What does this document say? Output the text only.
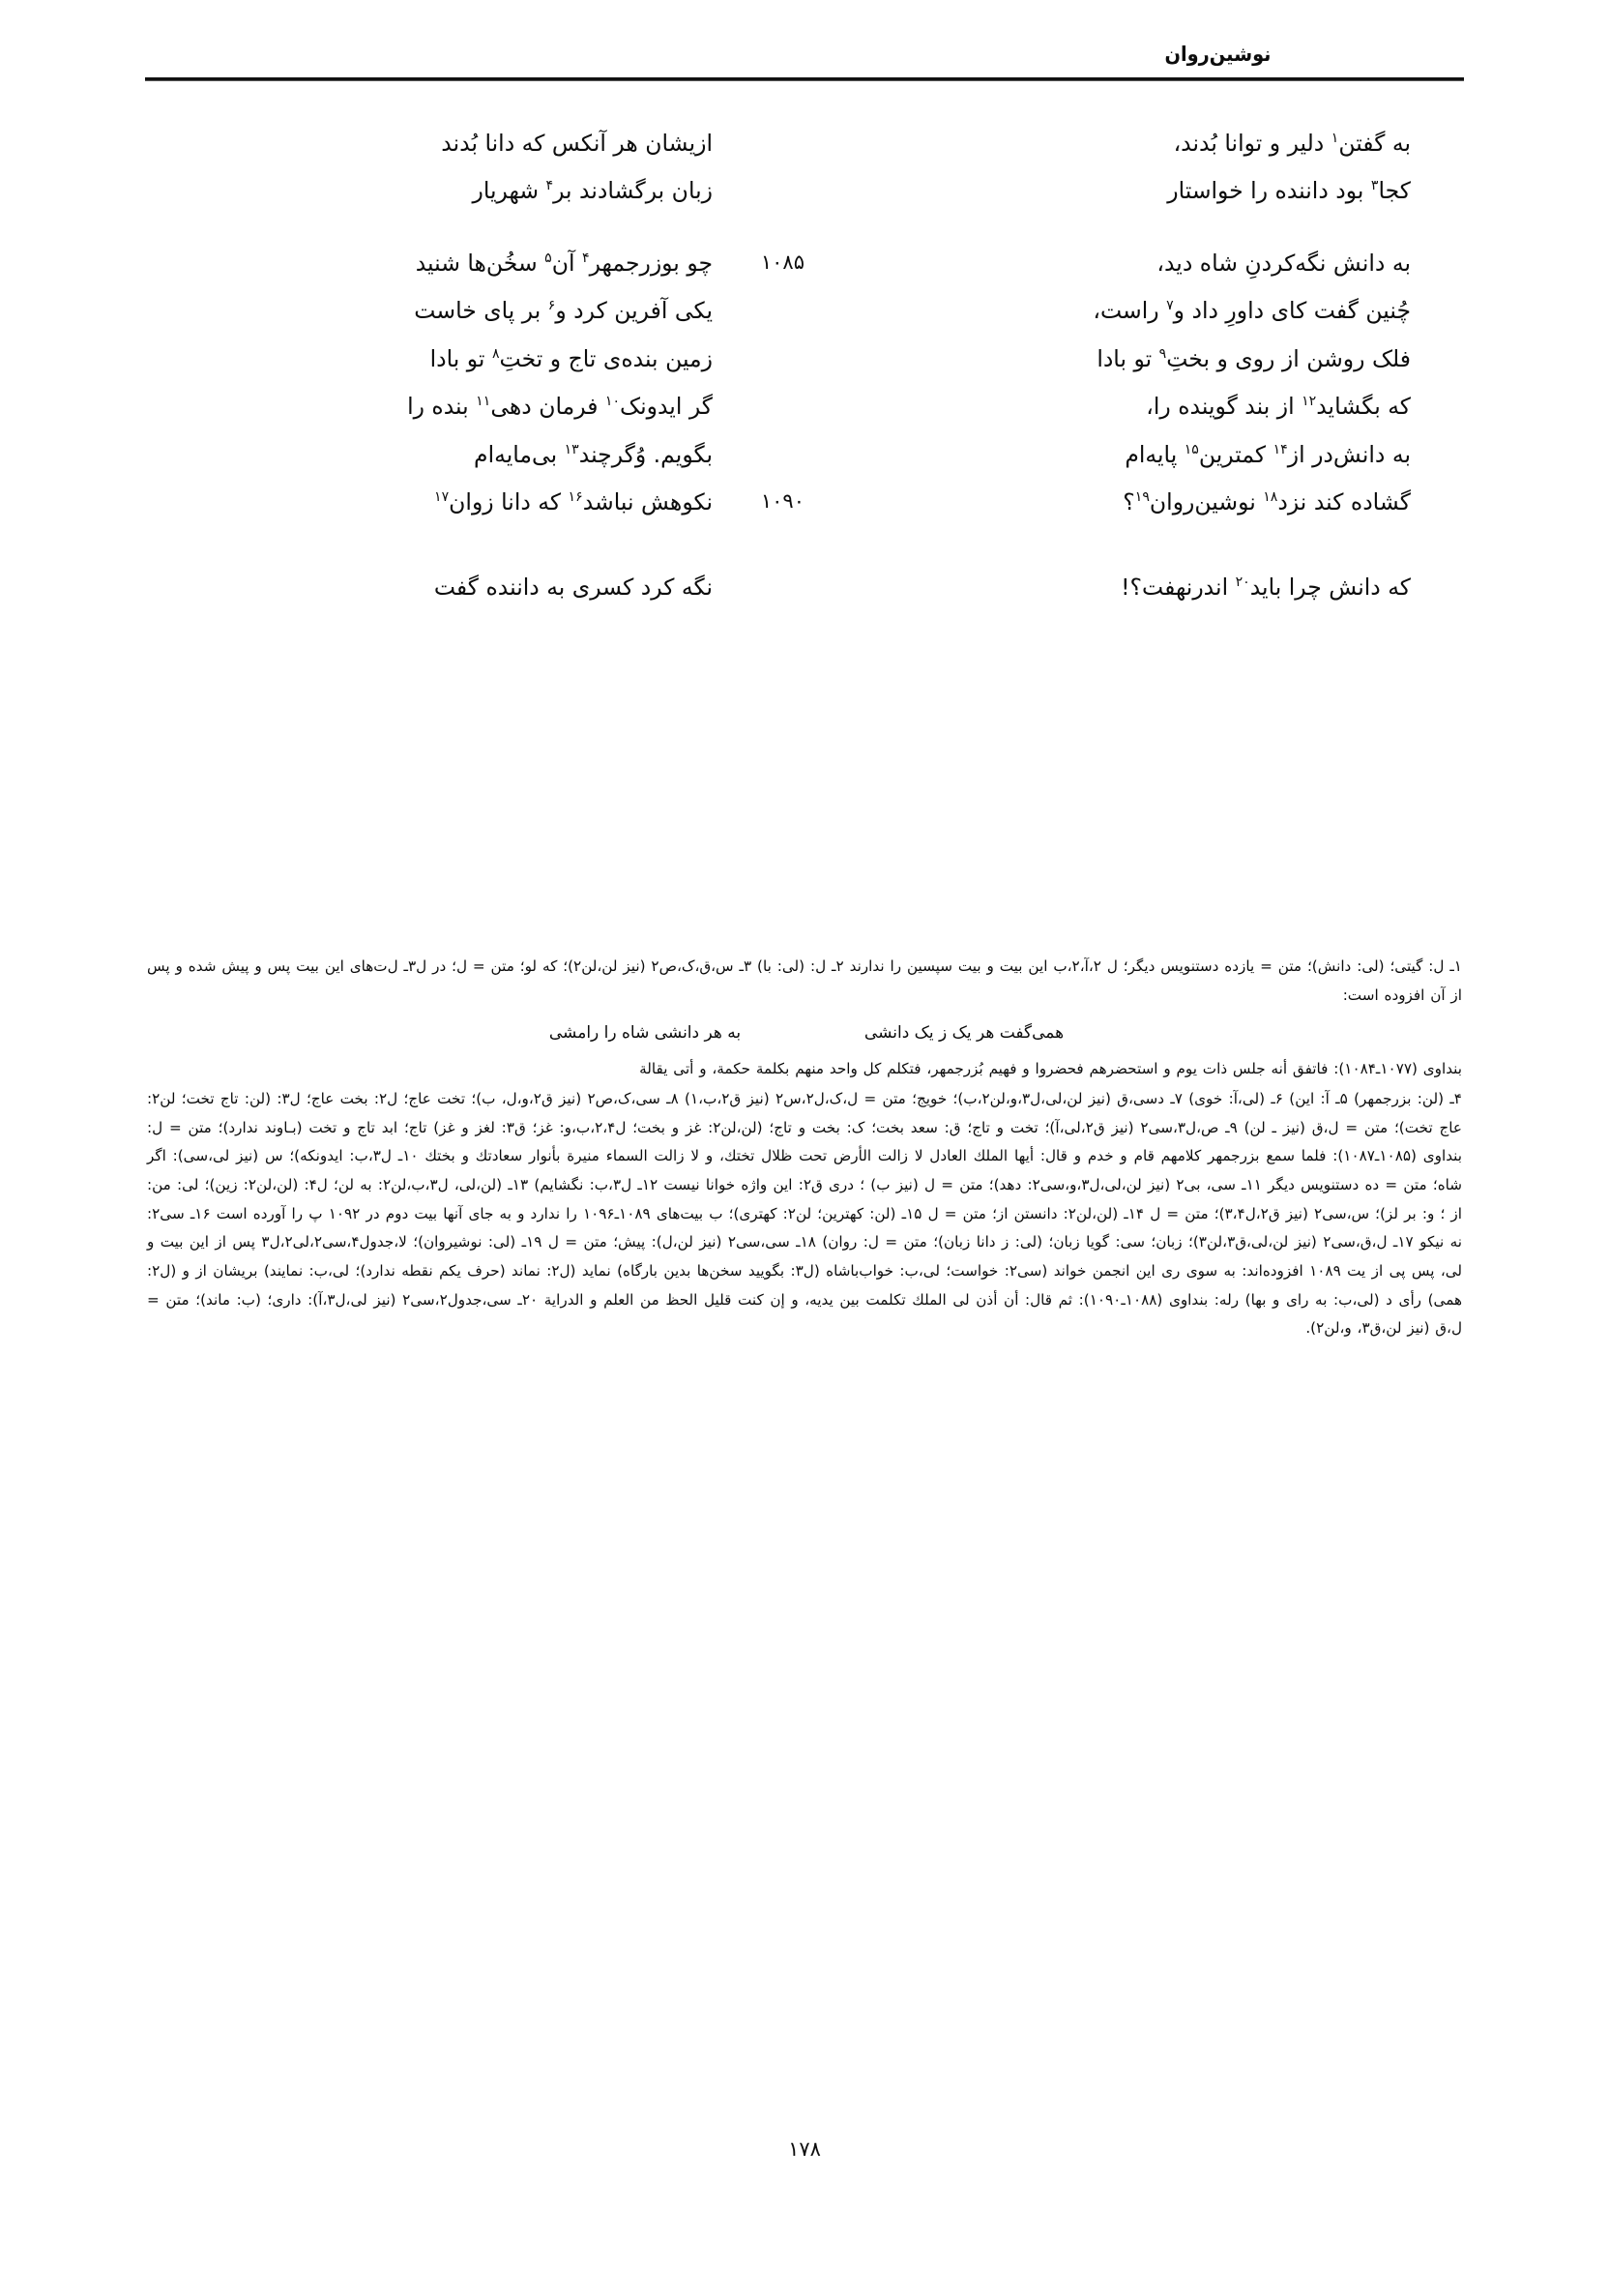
نوشین‌روان
به گفتن$^۱$ دلیر و توانا بُدند،
ازیشان هر آنکس که دانا بُدند
کجا$^۳$ بود داننده را خواستار
زبان برگشادند بر$^۴$ شهریار
به دانش نگه‌کردنِ شاه دید،
۱۰۸۵
چو بوزرجمهر$^۴$ آن$^۵$ سخُن‌ها شنید
چُنین گفت کای داورِ داد و$^۷$ راست،
یکی آفرین کرد و$^۶$ بر پای خاست
فلک روشن از روی و بختِ$^۹$ تو بادا
زمین بنده‌ی تاج و تختِ$^۸$ تو بادا
که بگشاید$^{۱۲}$ از بند گوینده را،
گر ایدونک$^{۱۰}$ فرمان دهی$^{۱۱}$ بنده را
به دانش‌در از$^{۱۴}$ کمترین$^{۱۵}$ پایه‌ام
بگویم. وُگرچند$^{۱۳}$ بی‌مایه‌ام
گشاده کند نزد$^{۱۸}$ نوشین‌روان$^{۱۹}$؟
۱۰۹۰
نکوهش نباشد$^{۱۶}$ که دانا زوان$^{۱۷}$
که دانش چرا باید$^{۲۰}$ اندرنهفت؟!
نگه کرد کسری به داننده گفت

۱ـ ل: گیتی؛ (لی: دانش)؛ متن = یازده دستنویس دیگر؛ ل ۲،آ،۲،ب این بیت و بیت سپسین را ندارند ۲ـ ل: (لی: با) ۳ـ س،ق،ک،ص۲ (نیز لن،لن۲)؛ که لو؛ متن = ل؛ در ل۳ـ ل‌ت‌های این بیت پس و پیش شده و پس از آن افزوده است:

همی‌گفت هر یک ز یک دانشیبه هر دانشی شاه را رامشی

بنداوی (۱۰۷۷ـ۱۰۸۴): فاتفق أنه جلس ذات یوم و استحضرهم فحضروا و فهیم بُزرجمهر، فتكلم كل واحد منهم بكلمة حكمة، و أتی یقالة

۴ـ (لن: بزرجمهر) ۵ـ آ: این) ۶ـ (لی،آ: خوی) ۷ـ دسی،ق (نیز لن،لی،ل۳،و،لن۲،ب)؛ خویج؛ متن = ل،ک،ل۲،س۲ (نیز ق۲،ب،۱) ۸ـ سی،ک،ص۲ (نیز ق۲،و،ل، ب)؛ تخت عاج؛ ل۲: بخت عاج؛ ل۳: (لن: تاج تخت؛ لن۲: عاج تخت)؛ متن = ل،ق (نیز ـ لن) ۹ـ ص،ل۳،سی۲ (نیز ق۲،لی،آ)؛ تخت و تاج؛ ق: سعد بخت؛ ک: بخت و تاج؛ (لن،لن۲: غز و بخت؛ ل۲،۴،ب،و: غز؛ ق۳: لغز و غز) تاج؛ ابد تاج و تخت (بـاوند ندارد)؛ متن = ل: بنداوی (۱۰۸۵ـ۱۰۸۷): فلما سمع بزرجمهر كلامهم قام و خدم و قال: أیها الملك العادل لا زالت الأرض تحت ظلال تختك، و لا زالت السماء منیرة بأنوار سعادتك و بختك ۱۰ـ ل۳،ب: ایدونکه)؛ س (نیز لی،سی): اگر شاه؛ متن = ده دستنویس دیگر ۱۱ـ سی، بی۲ (نیز لن،لی،ل۳،و،سی۲: دهد)؛ متن = ل (نیز ب) ؛ دری ق۲: این واژه خوانا نیست ۱۲ـ ل۳،ب: نگشایم) ۱۳ـ (لن،لی، ل۳،ب،لن۲: به لن؛ ل۴: (لن،لن۲: زین)؛ لی: من: از ؛ و: بر لز)؛ س،سی۲ (نیز ق۲،ل۳،۴)؛ متن = ل ۱۴ـ (لن،لن۲: دانستن از؛ متن = ل ۱۵ـ (لن: کهترین؛ لن۲: کهتری)؛ ب بیت‌های ۱۰۸۹ـ۱۰۹۶ را ندارد و به جای آنها بیت دوم در ۱۰۹۲ پ را آورده است ۱۶ـ سی۲: نه نیکو ۱۷ـ ل،ق،سی۲ (نیز لن،لی،ق۳،لن۳)؛ زبان؛ سی: گویا زبان؛ (لی: ز دانا زبان)؛ متن = ل: روان) ۱۸ـ سی،سی۲ (نیز لن،ل): پیش؛ متن = ل ۱۹ـ (لی: نوشیروان)؛ لا،جدول۴،سی۲،لی۲،ل۳ پس از این بیت و لی، پس پی از یت ۱۰۸۹ افزوده‌اند: به سوی ری این انجمن خواند (سی۲: خواست؛ لی،ب: خواب‌باشاه (ل۳: بگویید سخن‌ها بدین بارگاه) نماید (ل۲: نماند (حرف یکم نقطه ندارد)؛ لی،ب: نمایند) بریشان از و (ل۲: همی) رأی د (لی،ب: به رای و بها) رله: بنداوی (۱۰۸۸ـ۱۰۹۰): ثم قال: أن أذن لی الملك تكلمت بین یدیه، و إن كنت قلیل الحظ من العلم و الدرایة ۲۰ـ سی،جدول۲،سی۲ (نیز لی،ل۳،آ): داری؛ (ب: ماند)؛ متن = ل،ق (نیز لن،ق۳، و،لن۲).

۱۷۸
